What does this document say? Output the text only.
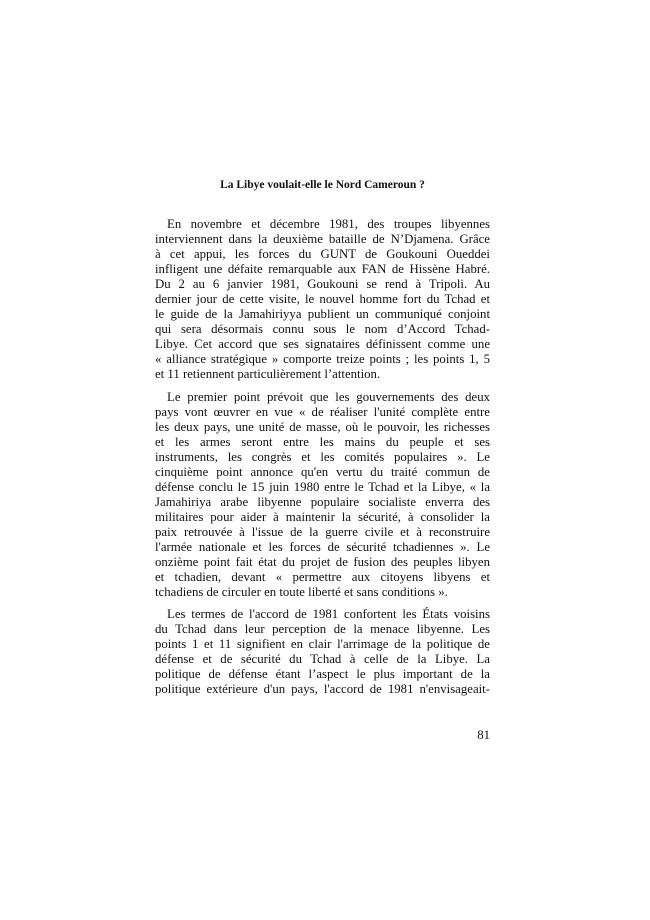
La Libye voulait-elle le Nord Cameroun ?
En novembre et décembre 1981, des troupes libyennes
interviennent dans la deuxième bataille de N’Djamena. Grâce
à cet appui, les forces du GUNT de Goukouni Oueddei
infligent une défaite remarquable aux FAN de Hissène Habré.
Du 2 au 6 janvier 1981, Goukouni se rend à Tripoli. Au
dernier jour de cette visite, le nouvel homme fort du Tchad et
le guide de la Jamahiriyya publient un communiqué conjoint
qui sera désormais connu sous le nom d’Accord Tchad-
Libye. Cet accord que ses signataires définissent comme une
« alliance stratégique » comporte treize points ; les points 1, 5
et 11 retiennent particulièrement l’attention.
Le premier point prévoit que les gouvernements des deux
pays vont œuvrer en vue « de réaliser l'unité complète entre
les deux pays, une unité de masse, où le pouvoir, les richesses
et les armes seront entre les mains du peuple et ses
instruments, les congrès et les comités populaires ». Le
cinquième point annonce qu'en vertu du traité commun de
défense conclu le 15 juin 1980 entre le Tchad et la Libye, « la
Jamahiriya arabe libyenne populaire socialiste enverra des
militaires pour aider à maintenir la sécurité, à consolider la
paix retrouvée à l'issue de la guerre civile et à reconstruire
l'armée nationale et les forces de sécurité tchadiennes ». Le
onzième point fait état du projet de fusion des peuples libyen
et tchadien, devant « permettre aux citoyens libyens et
tchadiens de circuler en toute liberté et sans conditions ».
Les termes de l'accord de 1981 confortent les États voisins
du Tchad dans leur perception de la menace libyenne. Les
points 1 et 11 signifient en clair l'arrimage de la politique de
défense et de sécurité du Tchad à celle de la Libye. La
politique de défense étant l’aspect le plus important de la
politique extérieure d'un pays, l'accord de 1981 n'envisageait-
81
